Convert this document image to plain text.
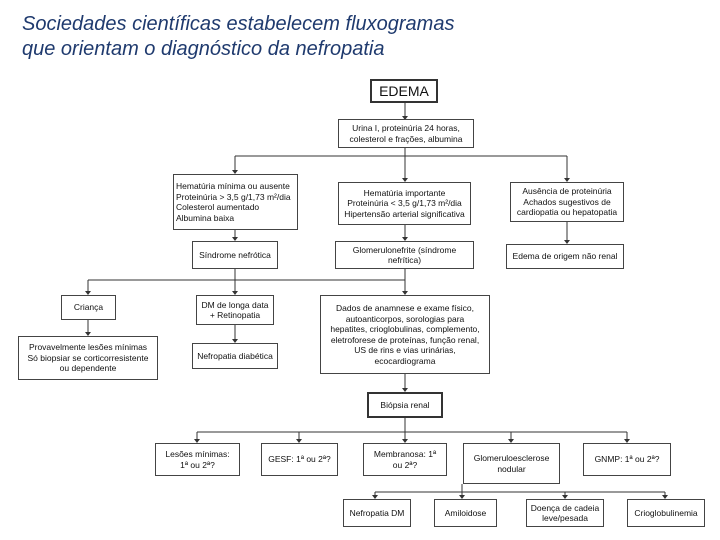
Sociedades científicas estabelecem fluxogramas
que orientam o diagnóstico da nefropatia
EDEMA
Urina I, proteinúria 24 horas,
colesterol e frações, albumina
Hematúria mínima ou ausente
Proteinúria > 3,5 g/1,73 m²/dia
Colesterol aumentado
Albumina baixa
Hematúria importante
Proteinúria < 3,5 g/1,73 m²/dia
Hipertensão arterial significativa
Ausência de proteinúria
Achados sugestivos de
cardiopatia ou hepatopatia
Síndrome nefrótica
Glomerulonefrite (síndrome
nefrítica)	Edema de origem não renal
Criança	DM de longa data
+ Retinopatia
Dados de anamnese e exame físico,
autoanticorpos, sorologias para
hepatites, crioglobulinas, complemento,
eletroforese de proteínas, função renal,
US de rins e vias urinárias,
ecocardiograma
Provavelmente lesões mínimas
Só biopsiar se corticorresistente
ou dependente
Nefropatia diabética
Biópsia renal
Lesões mínimas:
1ª ou 2ª?
GESF: 1ª ou 2ª?
Membranosa: 1ª
ou 2ª?
Glomeruloesclerose
nodular
GNMP: 1ª ou 2ª?
Nefropatia DM	Amiloidose
Doença de cadeia
leve/pesada
Crioglobulinemia
